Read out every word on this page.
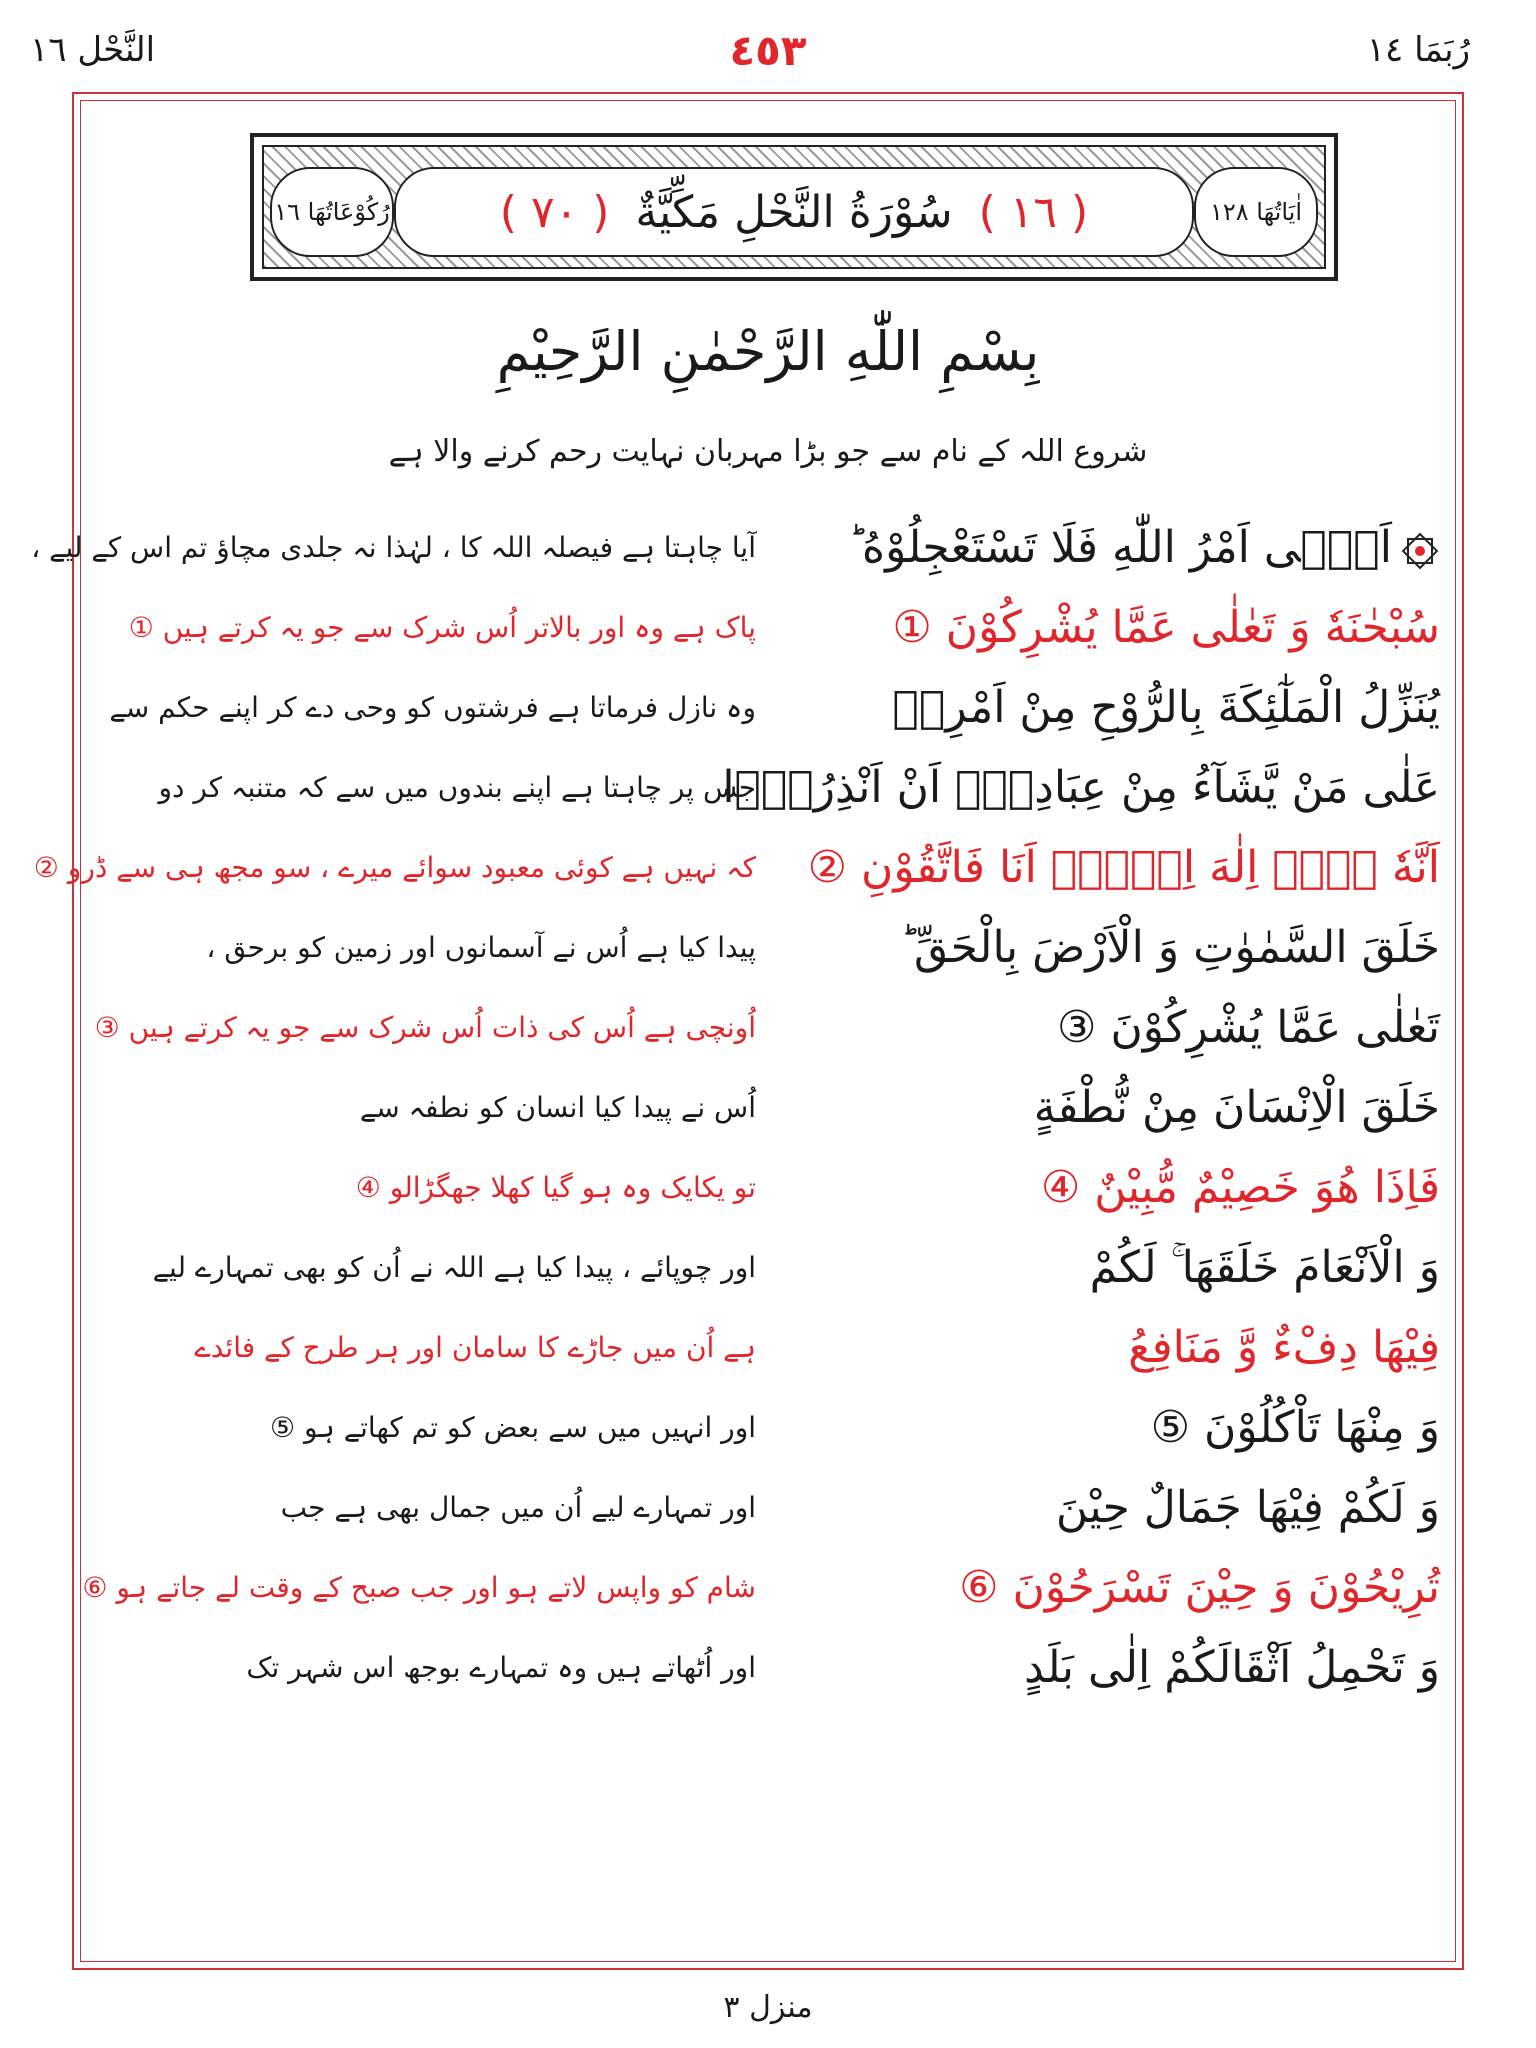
رُبَمَا ١٤
٤٥٣
النَّحْل ١٦
اٰیَاتُهَا ١٢٨
( ١٦ )
سُوْرَةُ النَّحْلِ مَكِّيَّةٌ
( ٧٠ )
رُكُوْعَاتُهَا ١٦
بِسْمِ اللّٰهِ الرَّحْمٰنِ الرَّحِيْمِ
شروع اللہ کے نام سے جو بڑا مہربان نہایت رحم کرنے والا ہے
اَتٰۤى اَمْرُ اللّٰهِ فَلَا تَسْتَعْجِلُوْهُ ؕ
آیا چاہتا ہے فیصلہ اللہ کا ، لہٰذا نہ جلدی مچاؤ تم اس کے لیے ،
سُبْحٰنَهٗ وَ تَعٰلٰى عَمَّا يُشْرِكُوْنَ ①
پاک ہے وہ اور بالاتر اُس شرک سے جو یہ کرتے ہیں ①
يُنَزِّلُ الْمَلٰٓئِكَةَ بِالرُّوْحِ مِنْ اَمْرِهٖ
وہ نازل فرماتا ہے فرشتوں کو وحی دے کر اپنے حکم سے
عَلٰى مَنْ يَّشَآءُ مِنْ عِبَادِهٖۤ اَنْ اَنْذِرُوْۤا
جس پر چاہتا ہے اپنے بندوں میں سے کہ متنبہ کر دو
اَنَّهٗ لَاۤ اِلٰهَ اِلَّاۤ اَنَا فَاتَّقُوْنِ ②
کہ نہیں ہے کوئی معبود سوائے میرے ، سو مجھ ہی سے ڈرو ②
خَلَقَ السَّمٰوٰتِ وَ الْاَرْضَ بِالْحَقِّ ؕ
پیدا کیا ہے اُس نے آسمانوں اور زمین کو برحق ،
تَعٰلٰى عَمَّا يُشْرِكُوْنَ ③
اُونچی ہے اُس کی ذات اُس شرک سے جو یہ کرتے ہیں ③
خَلَقَ الْاِنْسَانَ مِنْ نُّطْفَةٍ
اُس نے پیدا کیا انسان کو نطفہ سے
فَاِذَا هُوَ خَصِيْمٌ مُّبِيْنٌ ④
تو یکایک وہ ہو گیا کھلا جھگڑالو ④
وَ الْاَنْعَامَ خَلَقَهَا ۚ لَكُمْ
اور چوپائے ، پیدا کیا ہے اللہ نے اُن کو بھی تمہارے لیے
فِيْهَا دِفْءٌ وَّ مَنَافِعُ
ہے اُن میں جاڑے کا سامان اور ہر طرح کے فائدے
وَ مِنْهَا تَاْكُلُوْنَ ⑤
اور انہیں میں سے بعض کو تم کھاتے ہو ⑤
وَ لَكُمْ فِيْهَا جَمَالٌ حِيْنَ
اور تمہارے لیے اُن میں جمال بھی ہے جب
تُرِيْحُوْنَ وَ حِيْنَ تَسْرَحُوْنَ ⑥
شام کو واپس لاتے ہو اور جب صبح کے وقت لے جاتے ہو ⑥
وَ تَحْمِلُ اَثْقَالَكُمْ اِلٰى بَلَدٍ
اور اُٹھاتے ہیں وہ تمہارے بوجھ اس شہر تک
منزل ٣
